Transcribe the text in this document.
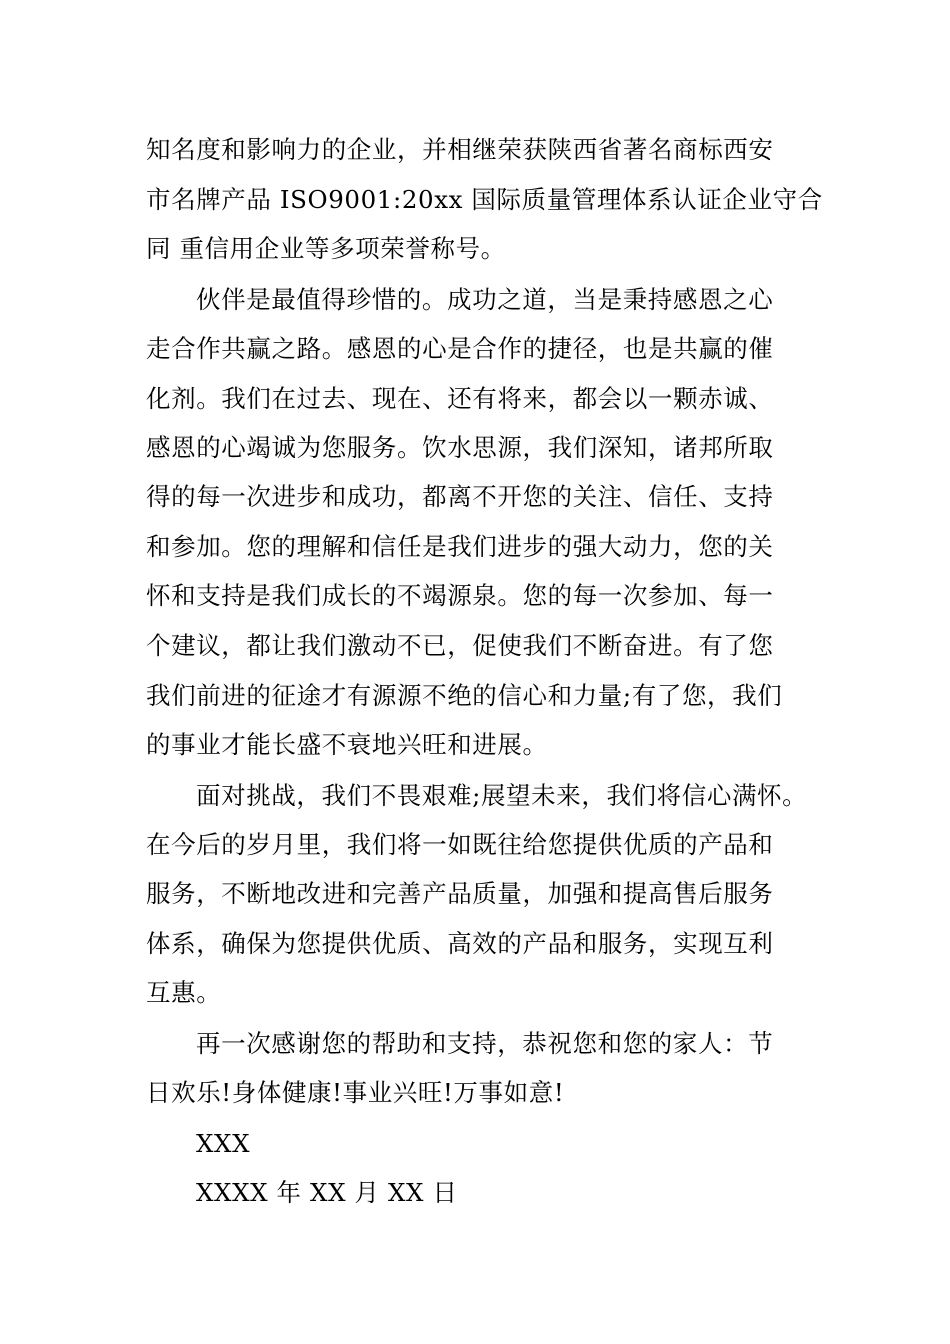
知名度和影响力的企业，并相继荣获陕西省著名商标西安
市名牌产品 ISO9001:20xx 国际质量管理体系认证企业守合
同 重信用企业等多项荣誉称号。
伙伴是最值得珍惜的。成功之道，当是秉持感恩之心
走合作共赢之路。感恩的心是合作的捷径，也是共赢的催
化剂。我们在过去、现在、还有将来，都会以一颗赤诚、
感恩的心竭诚为您服务。饮水思源，我们深知，诸邦所取
得的每一次进步和成功，都离不开您的关注、信任、支持
和参加。您的理解和信任是我们进步的强大动力，您的关
怀和支持是我们成长的不竭源泉。您的每一次参加、每一
个建议，都让我们激动不已，促使我们不断奋进。有了您
我们前进的征途才有源源不绝的信心和力量;有了您，我们
的事业才能长盛不衰地兴旺和进展。
面对挑战，我们不畏艰难;展望未来，我们将信心满怀。
在今后的岁月里，我们将一如既往给您提供优质的产品和
服务，不断地改进和完善产品质量，加强和提高售后服务
体系，确保为您提供优质、高效的产品和服务，实现互利
互惠。
再一次感谢您的帮助和支持，恭祝您和您的家人：节
日欢乐!身体健康!事业兴旺!万事如意!
XXX
XXXX 年 XX 月 XX 日
